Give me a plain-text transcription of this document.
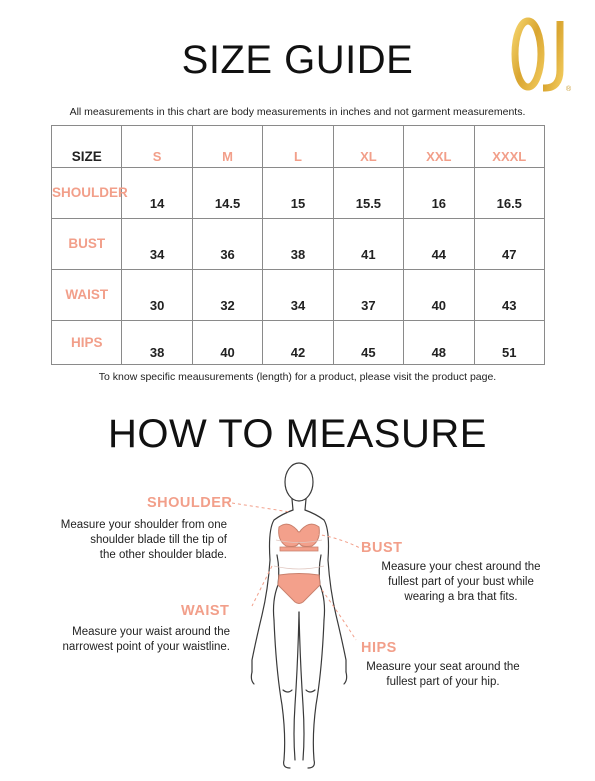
SIZE GUIDE
®
All measurements in this chart are body measurements in inches and not garment measurements.
SIZE	S	M	L	XL	XXL	XXXL
SHOULDER	14	14.5	15	15.5	16	16.5
BUST	34	36	38	41	44	47
WAIST	30	32	34	37	40	43
HIPS	38	40	42	45	48	51
To know specific meausurements (length) for a product, please visit the product page.
HOW TO MEASURE
SHOULDER
Measure your shoulder from one
shoulder blade till the tip of
the other shoulder blade.	BUST
Measure your chest around the
fullest part of your bust while
wearing a bra that fits.
WAIST
Measure your waist around the
narrowest point of your waistline.	HIPS
Measure your seat around the
fullest part of your hip.
